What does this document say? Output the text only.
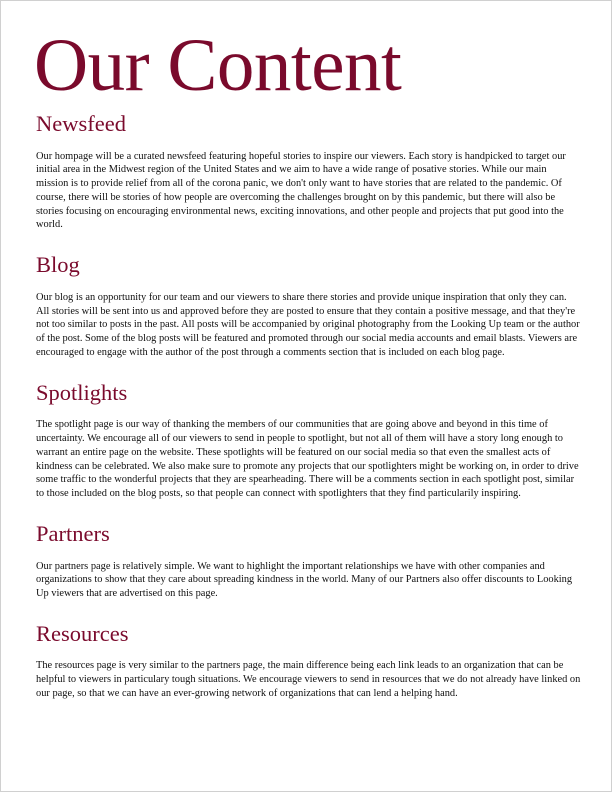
Our Content
Newsfeed

Our hompage will be a curated newsfeed featuring hopeful stories to inspire our viewers. Each story is handpicked to target our initial area in the Midwest region of the United States and we aim to have a wide range of posative stories. While our main mission is to provide relief from all of the corona panic, we don't only want to have stories that are related to the pandemic. Of course, there will be stories of how people are overcoming the challenges brought on by this pandemic, but there will also be stories focusing on encouraging environmental news, exciting innovations, and other people and projects that put good into the world.

Blog

Our blog is an opportunity for our team and our viewers to share there stories and provide unique inspiration that only they can. All stories will be sent into us and approved before they are posted to ensure that they contain a positive message, and that they're not too similar to posts in the past. All posts will be accompanied by original photography from the Looking Up team or the author of the post. Some of the blog posts will be featured and promoted through our social media accounts and email blasts. Viewers are encouraged to engage with the author of the post through a comments section that is included on each blog page.

Spotlights

The spotlight page is our way of thanking the members of our communities that are going above and beyond in this time of uncertainty. We encourage all of our viewers to send in people to spotlight, but not all of them will have a story long enough to warrant an entire page on the website. These spotlights will be featured on our social media so that even the smallest acts of kindness can be celebrated. We also make sure to promote any projects that our spotlighters might be working on, in order to drive some traffic to the wonderful projects that they are spearheading. There will be a comments section in each spotlight post, similar to those included on the blog posts, so that people can connect with spotlighters that they find particularily inspiring.

Partners

Our partners page is relatively simple. We want to highlight the important relationships we have with other companies and organizations to show that they care about spreading kindness in the world. Many of our Partners also offer discounts to Looking Up viewers that are advertised on this page.

Resources

The resources page is very similar to the partners page, the main difference being each link leads to an organization that can be helpful to viewers in particulary tough situations. We encourage viewers to send in resources that we do not already have linked on our page, so that we can have an ever-growing network of organizations that can lend a helping hand.
